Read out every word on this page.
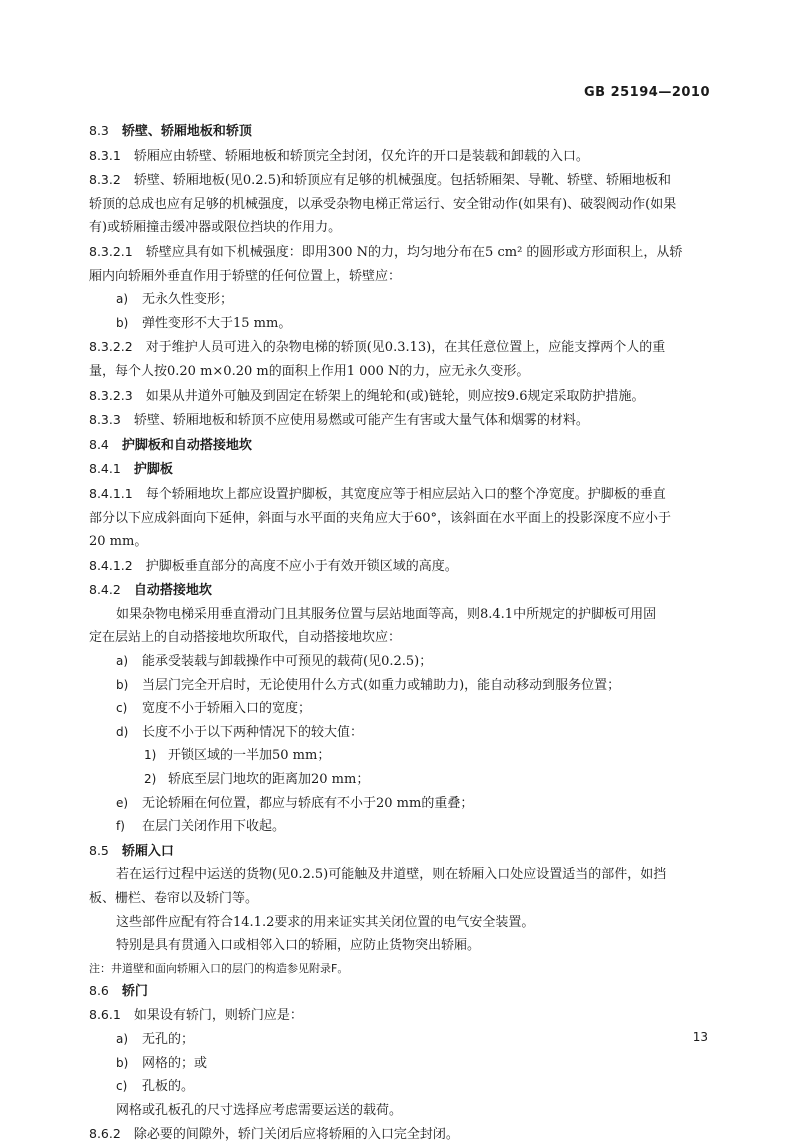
GB 25194—2010
8.3  轿壁、轿厢地板和轿顶
8.3.1  轿厢应由轿壁、轿厢地板和轿顶完全封闭，仅允许的开口是装载和卸载的入口。
8.3.2  轿壁、轿厢地板(见0.2.5)和轿顶应有足够的机械强度。包括轿厢架、导靴、轿壁、轿厢地板和
轿顶的总成也应有足够的机械强度，以承受杂物电梯正常运行、安全钳动作(如果有)、破裂阀动作(如果
有)或轿厢撞击缓冲器或限位挡块的作用力。
8.3.2.1  轿壁应具有如下机械强度：即用300 N的力，均匀地分布在5 cm² 的圆形或方形面积上，从轿
厢内向轿厢外垂直作用于轿壁的任何位置上，轿壁应：
a) 无永久性变形；
b) 弹性变形不大于15 mm。
8.3.2.2  对于维护人员可进入的杂物电梯的轿顶(见0.3.13)，在其任意位置上，应能支撑两个人的重
量，每个人按0.20 m×0.20 m的面积上作用1 000 N的力，应无永久变形。
8.3.2.3  如果从井道外可触及到固定在轿架上的绳轮和(或)链轮，则应按9.6规定采取防护措施。
8.3.3  轿壁、轿厢地板和轿顶不应使用易燃或可能产生有害或大量气体和烟雾的材料。
8.4  护脚板和自动搭接地坎
8.4.1  护脚板
8.4.1.1  每个轿厢地坎上都应设置护脚板，其宽度应等于相应层站入口的整个净宽度。护脚板的垂直
部分以下应成斜面向下延伸，斜面与水平面的夹角应大于60°，该斜面在水平面上的投影深度不应小于
20 mm。
8.4.1.2  护脚板垂直部分的高度不应小于有效开锁区域的高度。
8.4.2  自动搭接地坎
如果杂物电梯采用垂直滑动门且其服务位置与层站地面等高，则8.4.1中所规定的护脚板可用固
定在层站上的自动搭接地坎所取代，自动搭接地坎应：
a) 能承受装载与卸载操作中可预见的载荷(见0.2.5)；
b) 当层门完全开启时，无论使用什么方式(如重力或辅助力)，能自动移动到服务位置；
c) 宽度不小于轿厢入口的宽度；
d) 长度不小于以下两种情况下的较大值：
1) 开锁区域的一半加50 mm；
2) 轿底至层门地坎的距离加20 mm；
e) 无论轿厢在何位置，都应与轿底有不小于20 mm的重叠；
f) 在层门关闭作用下收起。
8.5  轿厢入口
若在运行过程中运送的货物(见0.2.5)可能触及井道壁，则在轿厢入口处应设置适当的部件，如挡
板、栅栏、卷帘以及轿门等。
这些部件应配有符合14.1.2要求的用来证实其关闭位置的电气安全装置。
特别是具有贯通入口或相邻入口的轿厢，应防止货物突出轿厢。
注：井道壁和面向轿厢入口的层门的构造参见附录F。
8.6  轿门
8.6.1  如果设有轿门，则轿门应是：
a) 无孔的；
b) 网格的；或
c) 孔板的。
网格或孔板孔的尺寸选择应考虑需要运送的载荷。
8.6.2  除必要的间隙外，轿门关闭后应将轿厢的入口完全封闭。
13
